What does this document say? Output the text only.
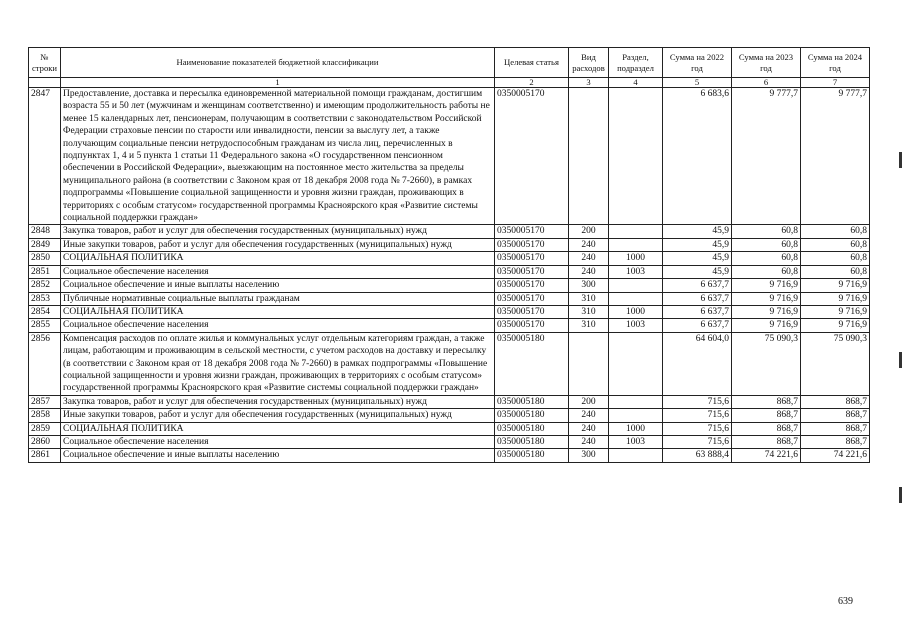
№ строки	Наименование показателей бюджетной классификации	Целевая статья	Вид расходов	Раздел, подраздел	Сумма на 2022 год	Сумма на 2023 год	Сумма на 2024 год
	1	2	3	4	5	6	7
2847	Предоставление, доставка и пересылка единовременной материальной помощи гражданам, достигшим возраста 55 и 50 лет (мужчинам и женщинам соответственно) и имеющим продолжительность работы не менее 15 календарных лет, пенсионерам, получающим в соответствии с законодательством Российской Федерации страховые пенсии по старости или инвалидности, пенсии за выслугу лет, а также получающим социальные пенсии нетрудоспособным гражданам из числа лиц, перечисленных в подпунктах 1, 4 и 5 пункта 1 статьи 11 Федерального закона «О государственном пенсионном обеспечении в Российской Федерации», выезжающим на постоянное место жительства за пределы муниципального района (в соответствии с Законом края от 18 декабря 2008 года № 7-2660), в рамках подпрограммы «Повышение социальной защищенности и уровня жизни граждан, проживающих в территориях с особым статусом» государственной программы Красноярского края «Развитие системы социальной поддержки граждан»	0350005170			6 683,6	9 777,7	9 777,7
2848	Закупка товаров, работ и услуг для обеспечения государственных (муниципальных) нужд	0350005170	200		45,9	60,8	60,8
2849	Иные закупки товаров, работ и услуг для обеспечения государственных (муниципальных) нужд	0350005170	240		45,9	60,8	60,8
2850	СОЦИАЛЬНАЯ ПОЛИТИКА	0350005170	240	1000	45,9	60,8	60,8
2851	Социальное обеспечение населения	0350005170	240	1003	45,9	60,8	60,8
2852	Социальное обеспечение и иные выплаты населению	0350005170	300		6 637,7	9 716,9	9 716,9
2853	Публичные нормативные социальные выплаты гражданам	0350005170	310		6 637,7	9 716,9	9 716,9
2854	СОЦИАЛЬНАЯ ПОЛИТИКА	0350005170	310	1000	6 637,7	9 716,9	9 716,9
2855	Социальное обеспечение населения	0350005170	310	1003	6 637,7	9 716,9	9 716,9
2856	Компенсация расходов по оплате жилья и коммунальных услуг отдельным категориям граждан, а также лицам, работающим и проживающим в сельской местности, с учетом расходов на доставку и пересылку (в соответствии с Законом края от 18 декабря 2008 года № 7-2660) в рамках подпрограммы «Повышение социальной защищенности и уровня жизни граждан, проживающих в территориях с особым статусом» государственной программы Красноярского края «Развитие системы социальной поддержки граждан»	0350005180			64 604,0	75 090,3	75 090,3
2857	Закупка товаров, работ и услуг для обеспечения государственных (муниципальных) нужд	0350005180	200		715,6	868,7	868,7
2858	Иные закупки товаров, работ и услуг для обеспечения государственных (муниципальных) нужд	0350005180	240		715,6	868,7	868,7
2859	СОЦИАЛЬНАЯ ПОЛИТИКА	0350005180	240	1000	715,6	868,7	868,7
2860	Социальное обеспечение населения	0350005180	240	1003	715,6	868,7	868,7
2861	Социальное обеспечение и иные выплаты населению	0350005180	300		63 888,4	74 221,6	74 221,6
639
